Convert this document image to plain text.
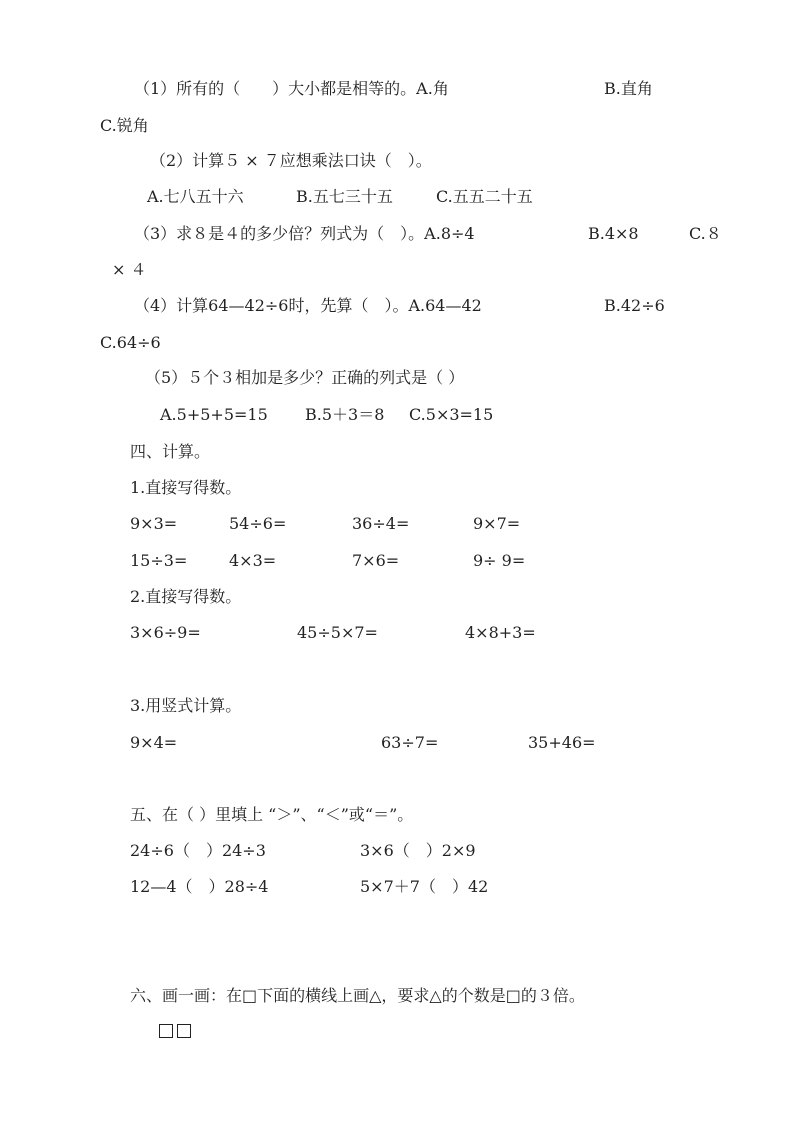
（1）所有的（　　）大小都是相等的。A.角	B.直角
C.锐角
（2）计算５ × ７应想乘法口诀（　）。
A.七八五十六	B.五七三十五	C.五五二十五
（3）求８是４的多少倍？列式为（　）。A.8÷4	B.4×8	C.８
× ４
（4）计算64—42÷6时，先算（　）。A.64—42	B.42÷6
C.64÷6
（5）５个３相加是多少？正确的列式是（ ）
A.5+5+5=15 B.5＋3＝8 C.5×3=15
四、计算。
1.直接写得数。
9×3=	54÷6=	36÷4=	9×7=
15÷3=	4×3=	7×6=	9÷ 9=
2.直接写得数。
3×6÷9=	45÷5×7=	4×8+3=
3.用竖式计算。
9×4=	63÷7=	35+46=
五、在（ ）里填上 “＞”、“＜”或“＝”。
24÷6（　）24÷3	3×6（　）2×9
12—4（　）28÷4	5×7＋7（　）42
六、画一画：在□下面的横线上画△，要求△的个数是□的３倍。
